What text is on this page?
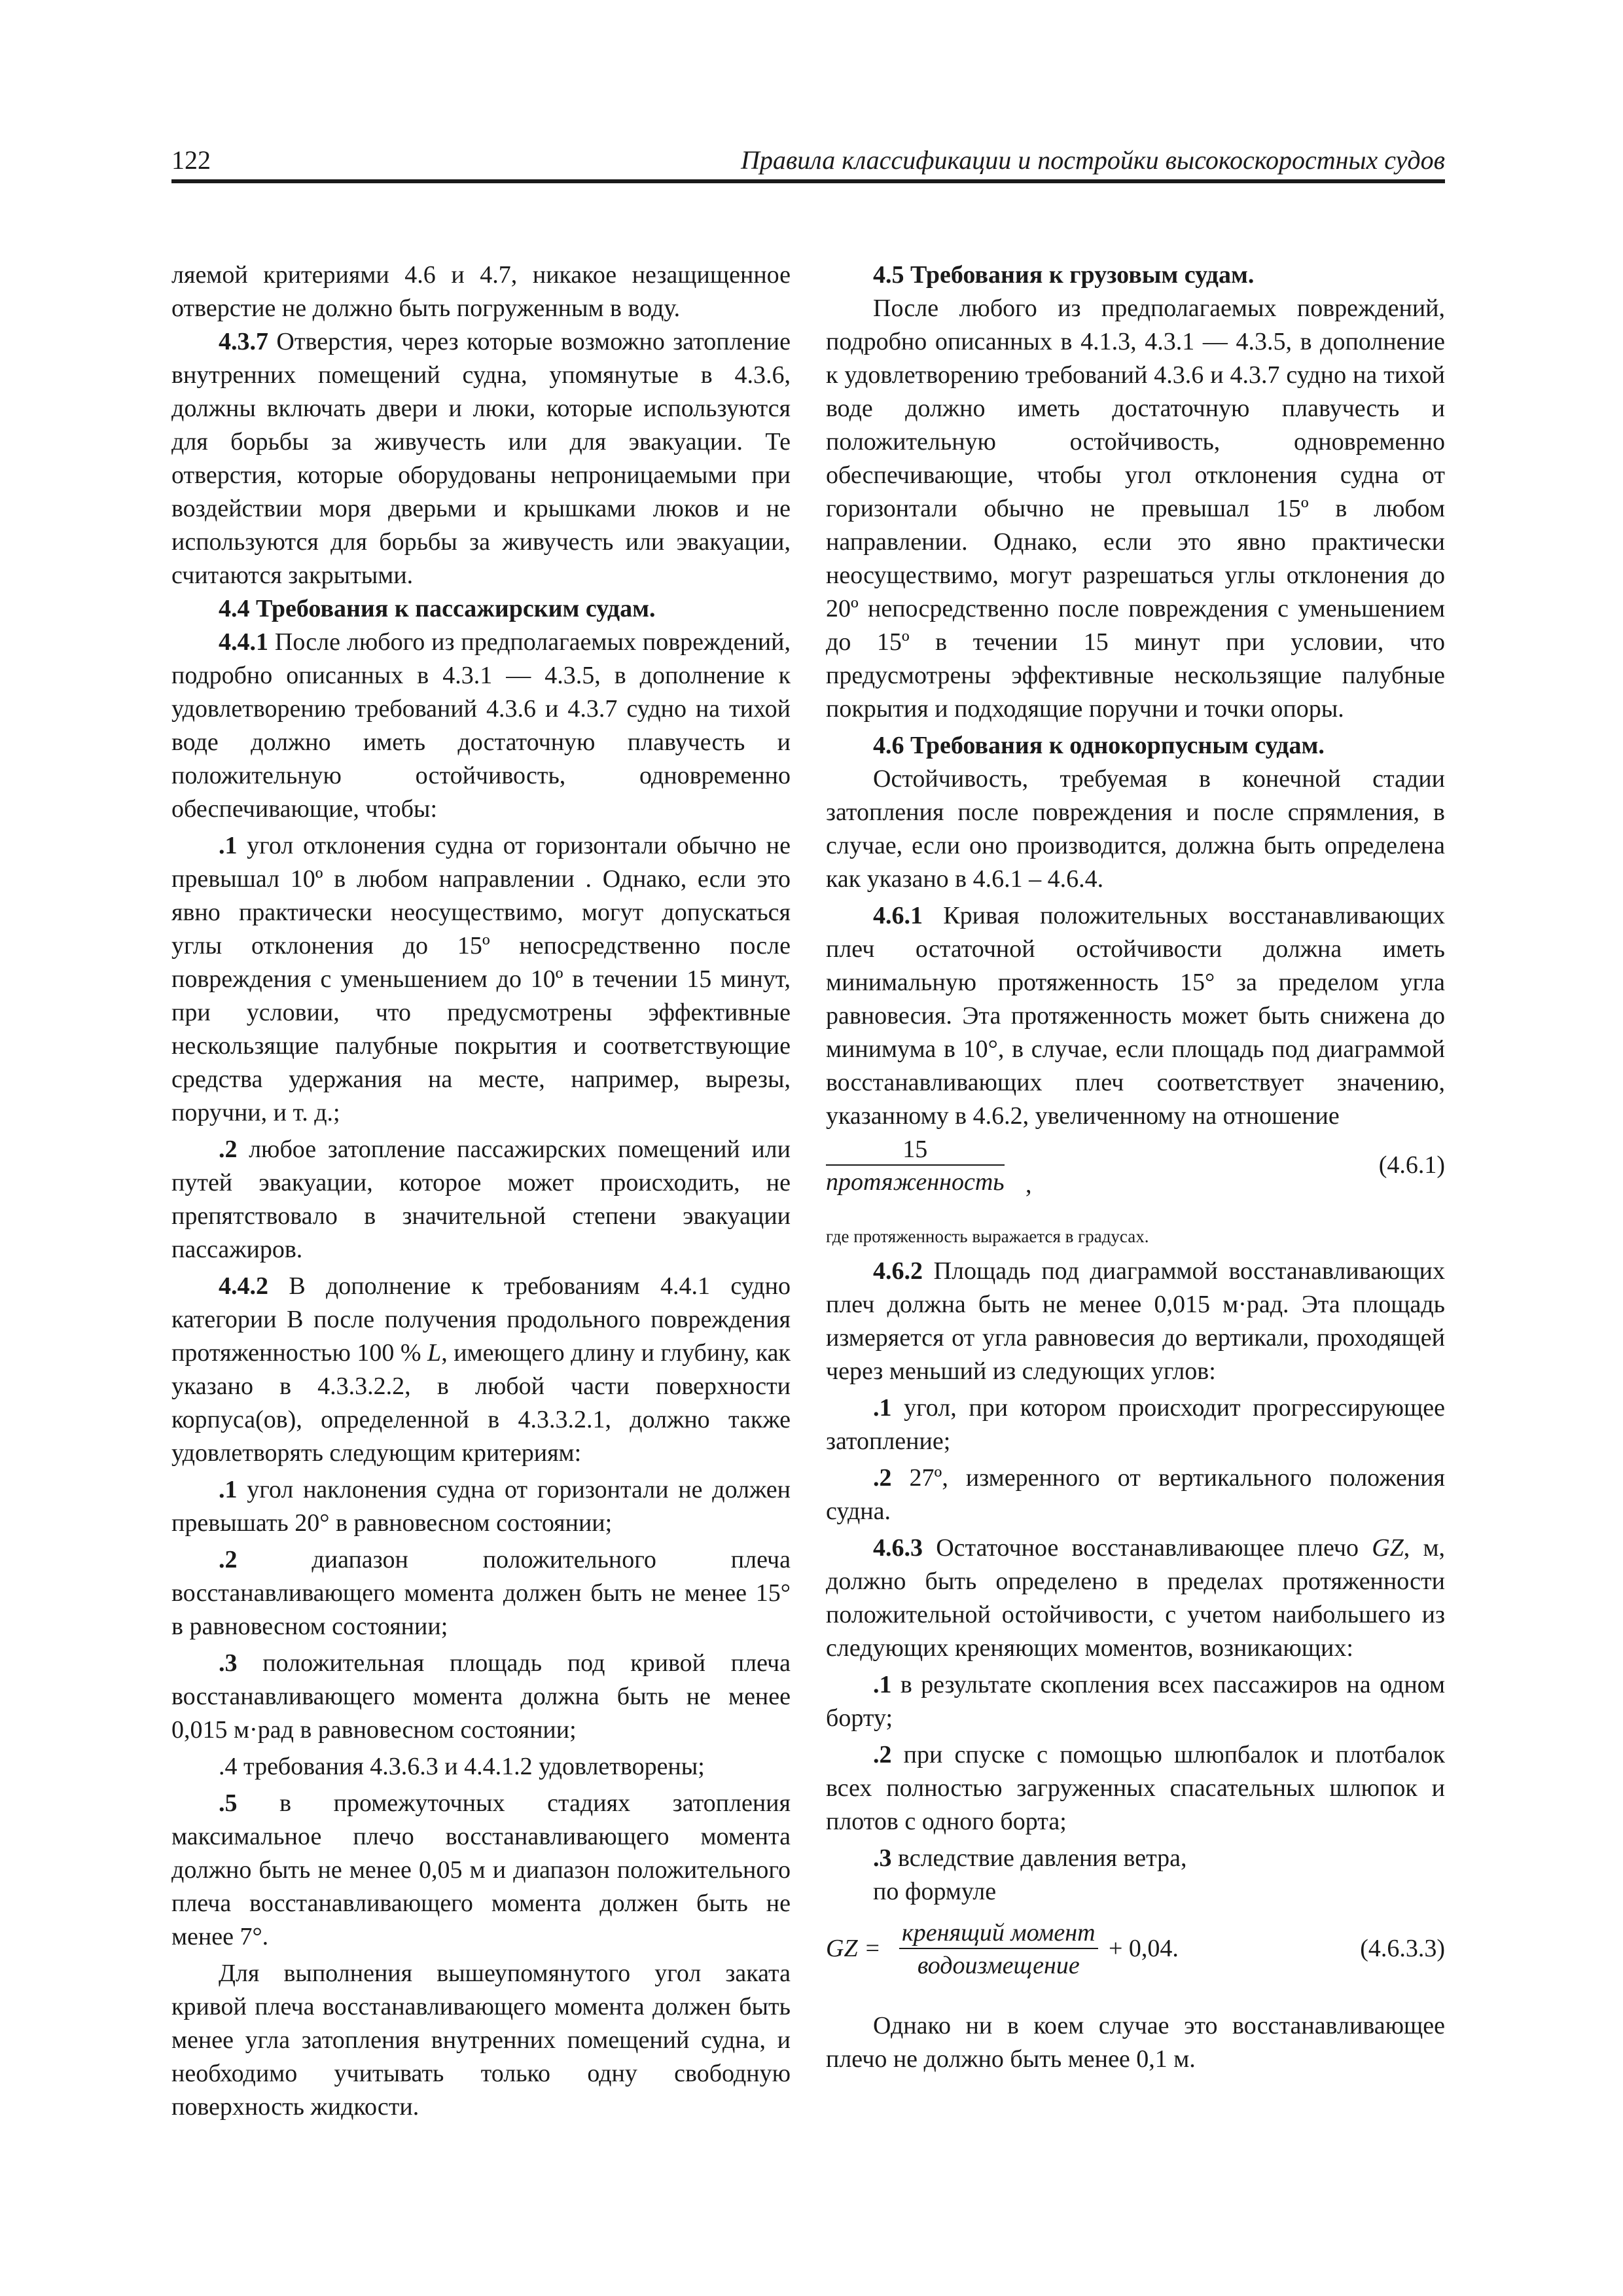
122	Правила классификации и постройки высокоскоростных судов

ляемой критериями 4.6 и 4.7, никакое незащищенное отверстие не должно быть погруженным в воду.

4.3.7 Отверстия, через которые возможно затопление внутренних помещений судна, упомянутые в 4.3.6, должны включать двери и люки, которые используются для борьбы за живучесть или для эвакуации. Те отверстия, которые оборудованы непроницаемыми при воздействии моря дверьми и крышками люков и не используются для борьбы за живучесть или эвакуации, считаются закрытыми.

4.4 Требования к пассажирским судам.

4.4.1 После любого из предполагаемых повреждений, подробно описанных в 4.3.1 — 4.3.5, в дополнение к удовлетворению требований 4.3.6 и 4.3.7 судно на тихой воде должно иметь достаточную плавучесть и положительную остойчивость, одновременно обеспечивающие, чтобы:

.1 угол отклонения судна от горизонтали обычно не превышал 10º в любом направлении . Однако, если это явно практически неосуществимо, могут допускаться углы отклонения до 15º непосредственно после повреждения с уменьшением до 10º в течении 15 минут, при условии, что предусмотрены эффективные нескользящие палубные покрытия и соответствующие средства удержания на месте, например, вырезы, поручни, и т. д.;

.2 любое затопление пассажирских помещений или путей эвакуации, которое может происходить, не препятствовало в значительной степени эвакуации пассажиров.

4.4.2 В дополнение к требованиям 4.4.1 судно категории В после получения продольного повреждения протяженностью 100 % L, имеющего длину и глубину, как указано в 4.3.3.2.2, в любой части поверхности корпуса(ов), определенной в 4.3.3.2.1, должно также удовлетворять следующим критериям:

.1 угол наклонения судна от горизонтали не должен превышать 20° в равновесном состоянии;

.2 диапазон положительного плеча восстанавливающего момента должен быть не менее 15° в равновесном состоянии;

.3 положительная площадь под кривой плеча восстанавливающего момента должна быть не менее 0,015 м·рад в равновесном состоянии;

.4 требования 4.3.6.3 и 4.4.1.2 удовлетворены;

.5 в промежуточных стадиях затопления максимальное плечо восстанавливающего момента должно быть не менее 0,05 м и диапазон положительного плеча восстанавливающего момента должен быть не менее 7°.

Для выполнения вышеупомянутого угол заката кривой плеча восстанавливающего момента должен быть менее угла затопления внутренних помещений судна, и необходимо учитывать только одну свободную поверхность жидкости.

4.5 Требования к грузовым судам.

После любого из предполагаемых повреждений, подробно описанных в 4.1.3, 4.3.1 — 4.3.5, в дополнение к удовлетворению требований 4.3.6 и 4.3.7 судно на тихой воде должно иметь достаточную плавучесть и положительную остойчивость, одновременно обеспечивающие, чтобы угол отклонения судна от горизонтали обычно не превышал 15º в любом направлении. Однако, если это явно практически неосуществимо, могут разрешаться углы отклонения до 20º непосредственно после повреждения с уменьшением до 15º в течении 15 минут при условии, что предусмотрены эффективные нескользящие палубные покрытия и подходящие поручни и точки опоры.

4.6 Требования к однокорпусным судам.

Остойчивость, требуемая в конечной стадии затопления после повреждения и после спрямления, в случае, если оно производится, должна быть определена как указано в 4.6.1 – 4.6.4.

4.6.1 Кривая положительных восстанавливающих плеч остаточной остойчивости должна иметь минимальную протяженность 15° за пределом угла равновесия. Эта протяженность может быть снижена до минимума в 10°, в случае, если площадь под диаграммой восстанавливающих плеч соответствует значению, указанному в 4.6.2, увеличенному на отношение

15
протяженность ,
(4.6.1)

где протяженность выражается в градусах.

4.6.2 Площадь под диаграммой восстанавливающих плеч должна быть не менее 0,015 м·рад. Эта площадь измеряется от угла равновесия до вертикали, проходящей через меньший из следующих углов:

.1 угол, при котором происходит прогрессирующее затопление;

.2 27º, измеренного от вертикального положения судна.

4.6.3 Остаточное восстанавливающее плечо GZ, м, должно быть определено в пределах протяженности положительной остойчивости, с учетом наибольшего из следующих креняющих моментов, возникающих:

.1 в результате скопления всех пассажиров на одном борту;

.2 при спуске с помощью шлюпбалок и плотбалок всех полностью загруженных спасательных шлюпок и плотов с одного борта;

.3 вследствие давления ветра,

по формуле

GZ =
кренящий момент
водоизмещение
+ 0,04.	(4.6.3.3)

Однако ни в коем случае это восстанавливающее плечо не должно быть менее 0,1 м.
